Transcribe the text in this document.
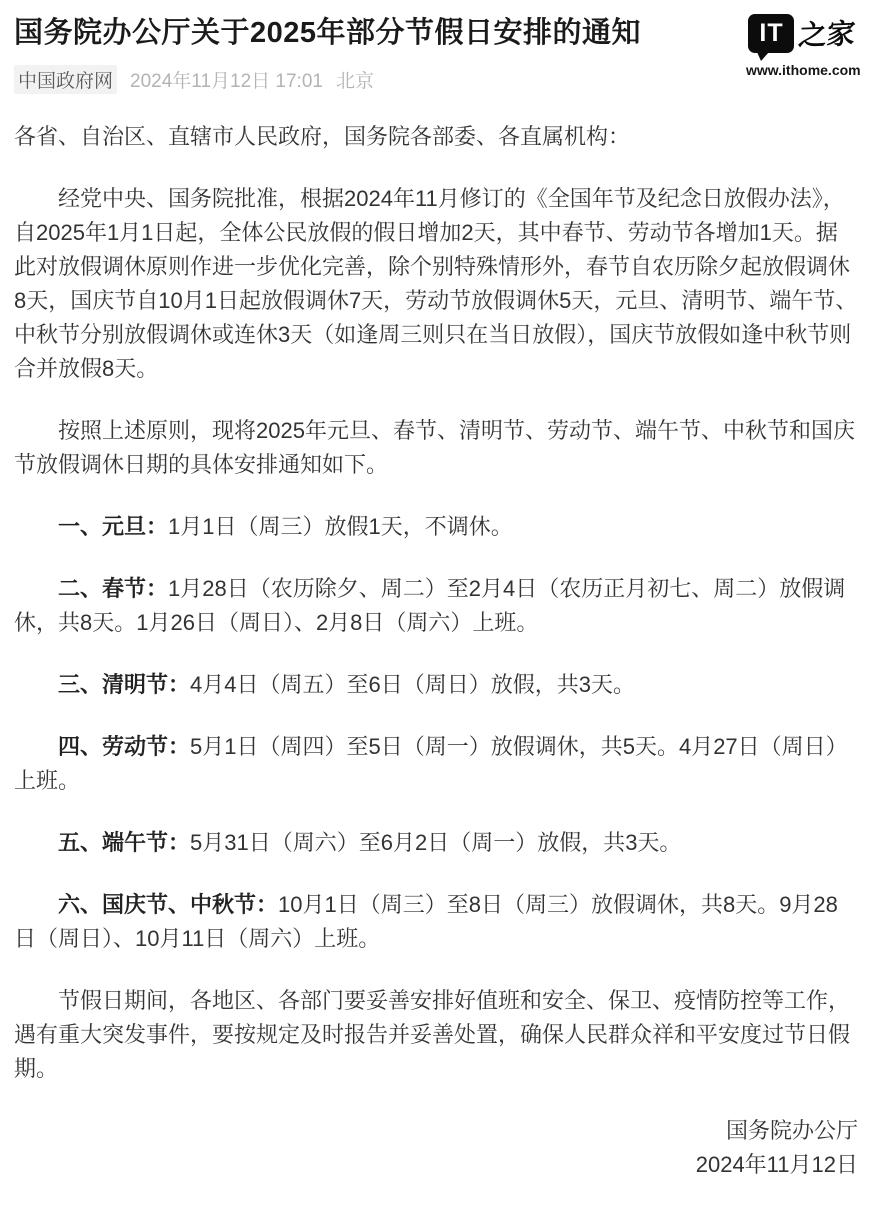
国务院办公厅关于2025年部分节假日安排的通知
中国政府网 2024年11月12日 17:01 北京
IT 之家
www.ithome.com

各省、自治区、直辖市人民政府，国务院各部委、各直属机构：

经党中央、国务院批准，根据2024年11月修订的《全国年节及纪念日放假办法》，自2025年1月1日起，全体公民放假的假日增加2天，其中春节、劳动节各增加1天。据此对放假调休原则作进一步优化完善，除个别特殊情形外，春节自农历除夕起放假调休8天，国庆节自10月1日起放假调休7天，劳动节放假调休5天，元旦、清明节、端午节、中秋节分别放假调休或连休3天（如逢周三则只在当日放假），国庆节放假如逢中秋节则合并放假8天。

按照上述原则，现将2025年元旦、春节、清明节、劳动节、端午节、中秋节和国庆节放假调休日期的具体安排通知如下。

一、元旦：1月1日（周三）放假1天，不调休。

二、春节：1月28日（农历除夕、周二）至2月4日（农历正月初七、周二）放假调休，共8天。1月26日（周日）、2月8日（周六）上班。

三、清明节：4月4日（周五）至6日（周日）放假，共3天。

四、劳动节：5月1日（周四）至5日（周一）放假调休，共5天。4月27日（周日）上班。

五、端午节：5月31日（周六）至6月2日（周一）放假，共3天。

六、国庆节、中秋节：10月1日（周三）至8日（周三）放假调休，共8天。9月28日（周日）、10月11日（周六）上班。

节假日期间，各地区、各部门要妥善安排好值班和安全、保卫、疫情防控等工作，遇有重大突发事件，要按规定及时报告并妥善处置，确保人民群众祥和平安度过节日假期。

国务院办公厅

2024年11月12日
